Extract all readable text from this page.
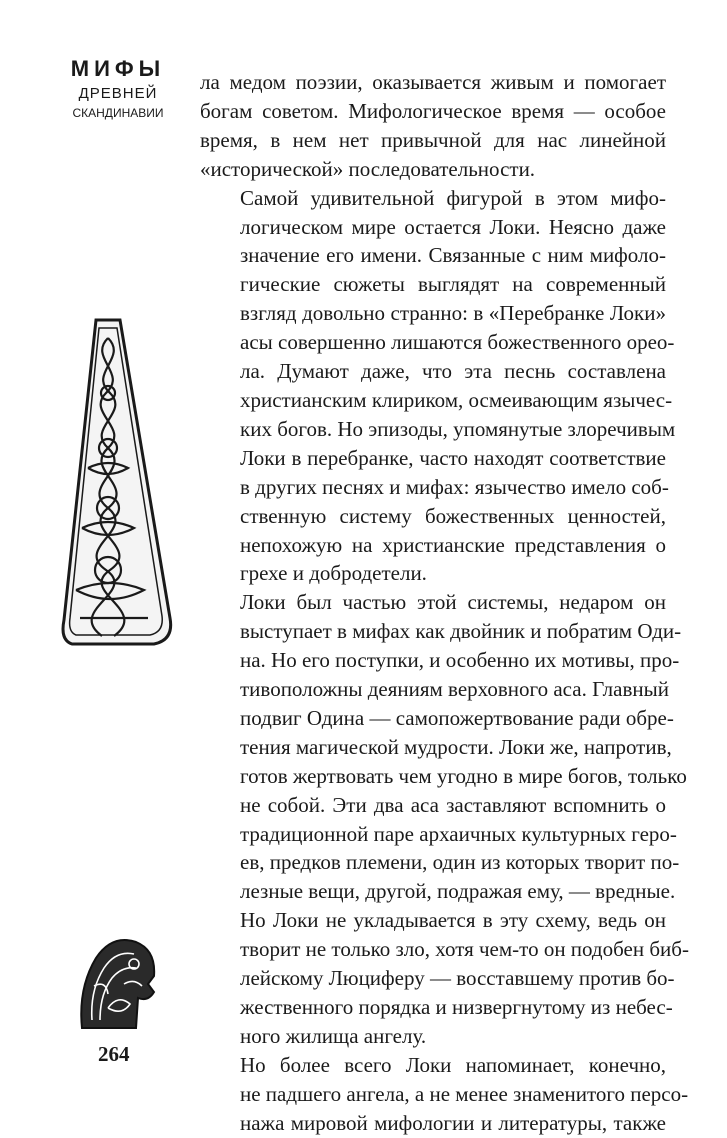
МИФЫ
ДРЕВНЕЙ
СКАНДИНАВИИ
264

ла медом поэзии, оказывается живым и помогает
богам советом. Мифологическое время — особое
время, в нем нет привычной для нас линейной
«исторической» последовательности.

Самой удивительной фигурой в этом мифо-
логическом мире остается Локи. Неясно даже
значение его имени. Связанные с ним мифоло-
гические сюжеты выглядят на современный
взгляд довольно странно: в «Перебранке Локи»
асы совершенно лишаются божественного орео-
ла. Думают даже, что эта песнь составлена
христианским клириком, осмеивающим язычес-
ких богов. Но эпизоды, упомянутые злоречивым
Локи в перебранке, часто находят соответствие
в других песнях и мифах: язычество имело соб-
ственную систему божественных ценностей,
непохожую на христианские представления о
грехе и добродетели.

Локи был частью этой системы, недаром он
выступает в мифах как двойник и побратим Оди-
на. Но его поступки, и особенно их мотивы, про-
тивоположны деяниям верховного аса. Главный
подвиг Одина — самопожертвование ради обре-
тения магической мудрости. Локи же, напротив,
готов жертвовать чем угодно в мире богов, только
не собой. Эти два аса заставляют вспомнить о
традиционной паре архаичных культурных геро-
ев, предков племени, один из которых творит по-
лезные вещи, другой, подражая ему, — вредные.
Но Локи не укладывается в эту схему, ведь он
творит не только зло, хотя чем-то он подобен биб-
лейскому Люциферу — восставшему против бо-
жественного порядка и низвергнутому из небес-
ного жилища ангелу.

Но более всего Локи напоминает, конечно,
не падшего ангела, а не менее знаменитого персо-
нажа мировой мифологии и литературы, также
